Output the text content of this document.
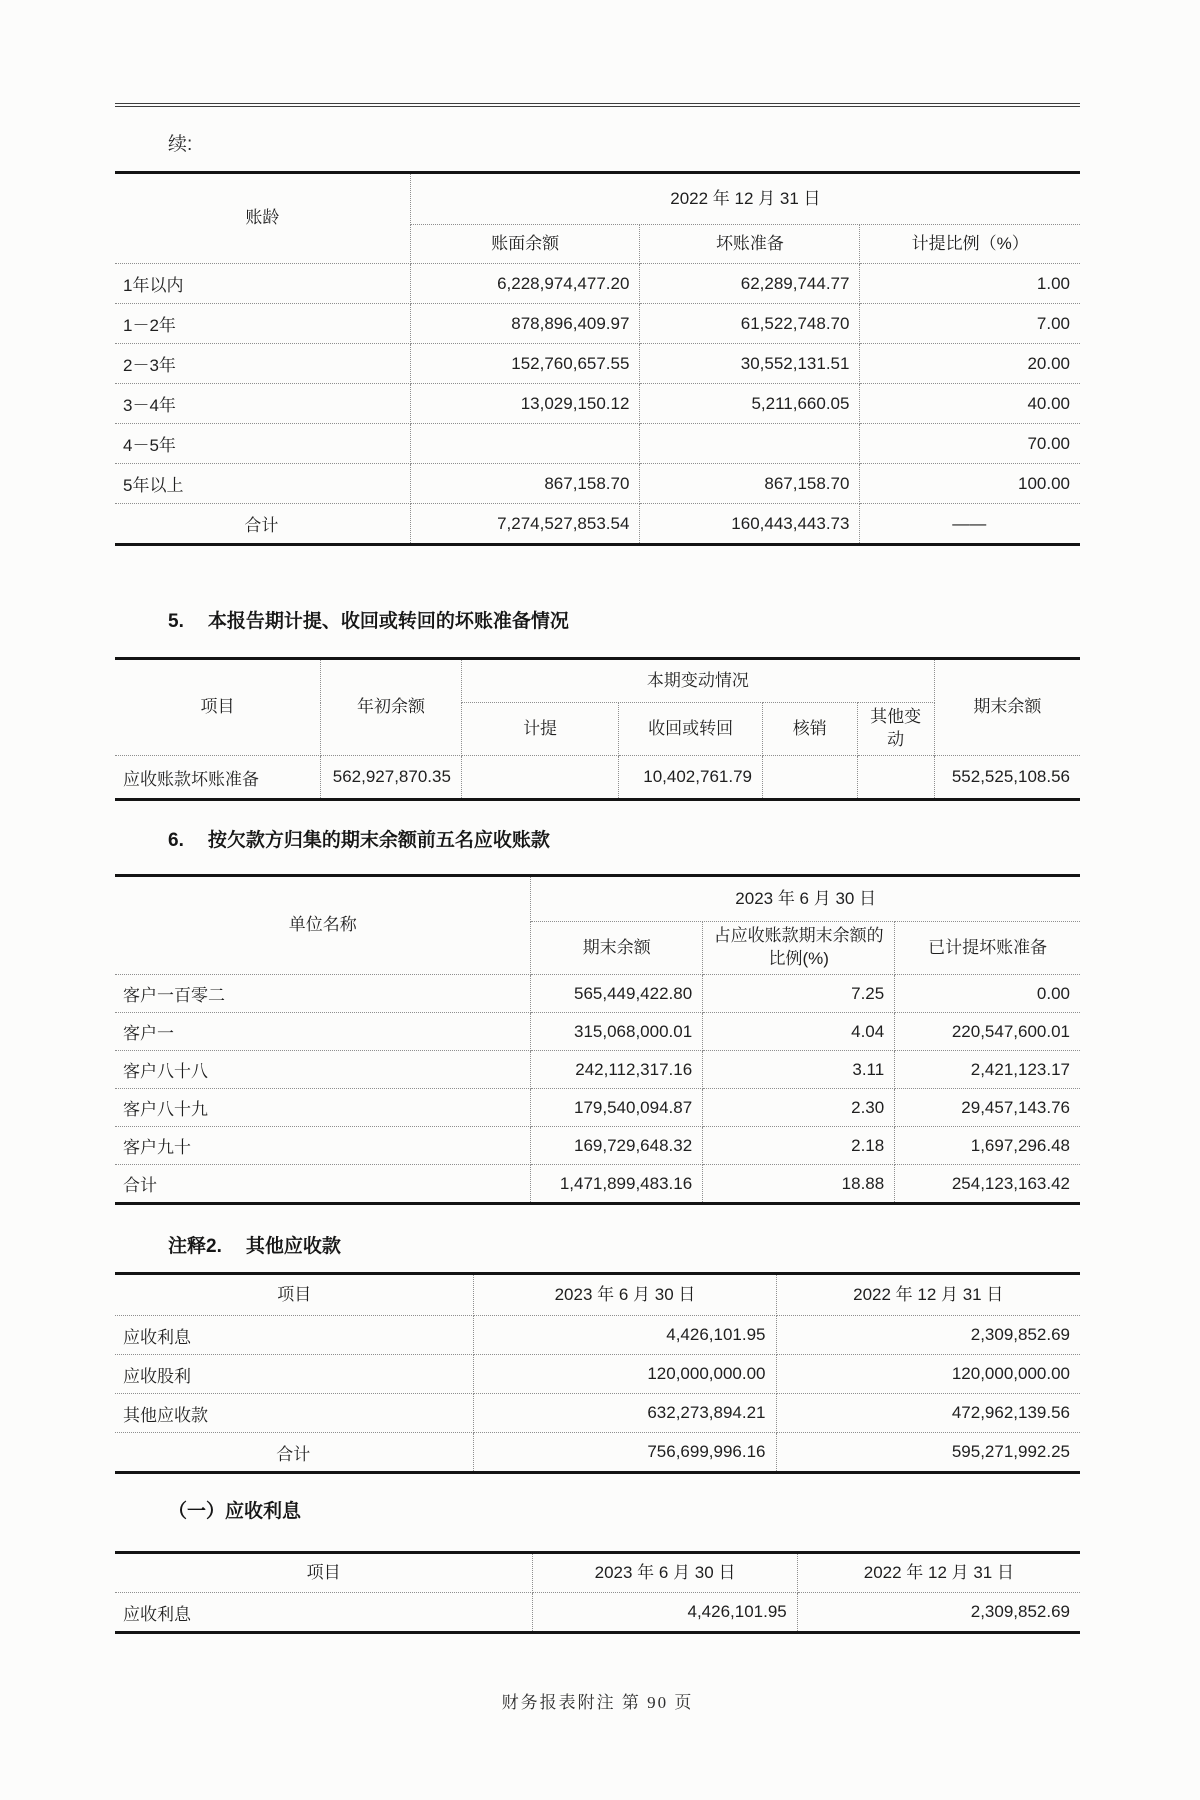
续:
账龄	2022 年 12 月 31 日		
	账面余额	坏账准备	计提比例（%）
1年以内	6,228,974,477.20	62,289,744.77	1.00
1－2年	878,896,409.97	61,522,748.70	7.00
2－3年	152,760,657.55	30,552,131.51	20.00
3－4年	13,029,150.12	5,211,660.05	40.00
4－5年			70.00
5年以上	867,158.70	867,158.70	100.00
合计	7,274,527,853.54	160,443,443.73	——
5. 本报告期计提、收回或转回的坏账准备情况
项目	年初余额	本期变动情况				期末余额
		计提	收回或转回	核销	其他变动	
应收账款坏账准备	562,927,870.35		10,402,761.79			552,525,108.56
6. 按欠款方归集的期末余额前五名应收账款
单位名称	2023 年 6 月 30 日		
	期末余额	占应收账款期末余额的比例(%)	已计提坏账准备
客户一百零二	565,449,422.80	7.25	0.00
客户一	315,068,000.01	4.04	220,547,600.01
客户八十八	242,112,317.16	3.11	2,421,123.17
客户八十九	179,540,094.87	2.30	29,457,143.76
客户九十	169,729,648.32	2.18	1,697,296.48
合计	1,471,899,483.16	18.88	254,123,163.42
注释2. 其他应收款
项目	2023 年 6 月 30 日	2022 年 12 月 31 日
应收利息	4,426,101.95	2,309,852.69
应收股利	120,000,000.00	120,000,000.00
其他应收款	632,273,894.21	472,962,139.56
合计	756,699,996.16	595,271,992.25
（一）应收利息
项目	2023 年 6 月 30 日	2022 年 12 月 31 日
应收利息	4,426,101.95	2,309,852.69
财务报表附注 第 90 页
